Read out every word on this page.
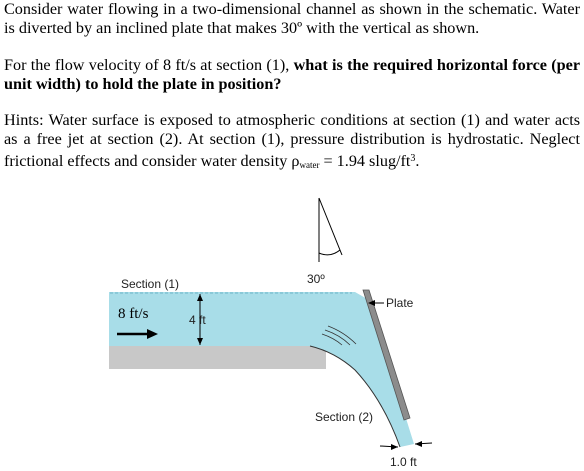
Consider water flowing in a two-dimensional channel as shown in the schematic. Water is diverted by an inclined plate that makes 30º with the vertical as shown.

For the flow velocity of 8 ft/s at section (1), what is the required horizontal force (per unit width) to hold the plate in position?

Hints: Water surface is exposed to atmospheric conditions at section (1) and water acts as a free jet at section (2). At section (1), pressure distribution is hydrostatic. Neglect frictional effects and consider water density $\rho_{water} = 1.94$ slug/$ft^3$.

30º
Plate
Section (1)
8 ft/s	4 ft
Section (2)
1.0 ft
